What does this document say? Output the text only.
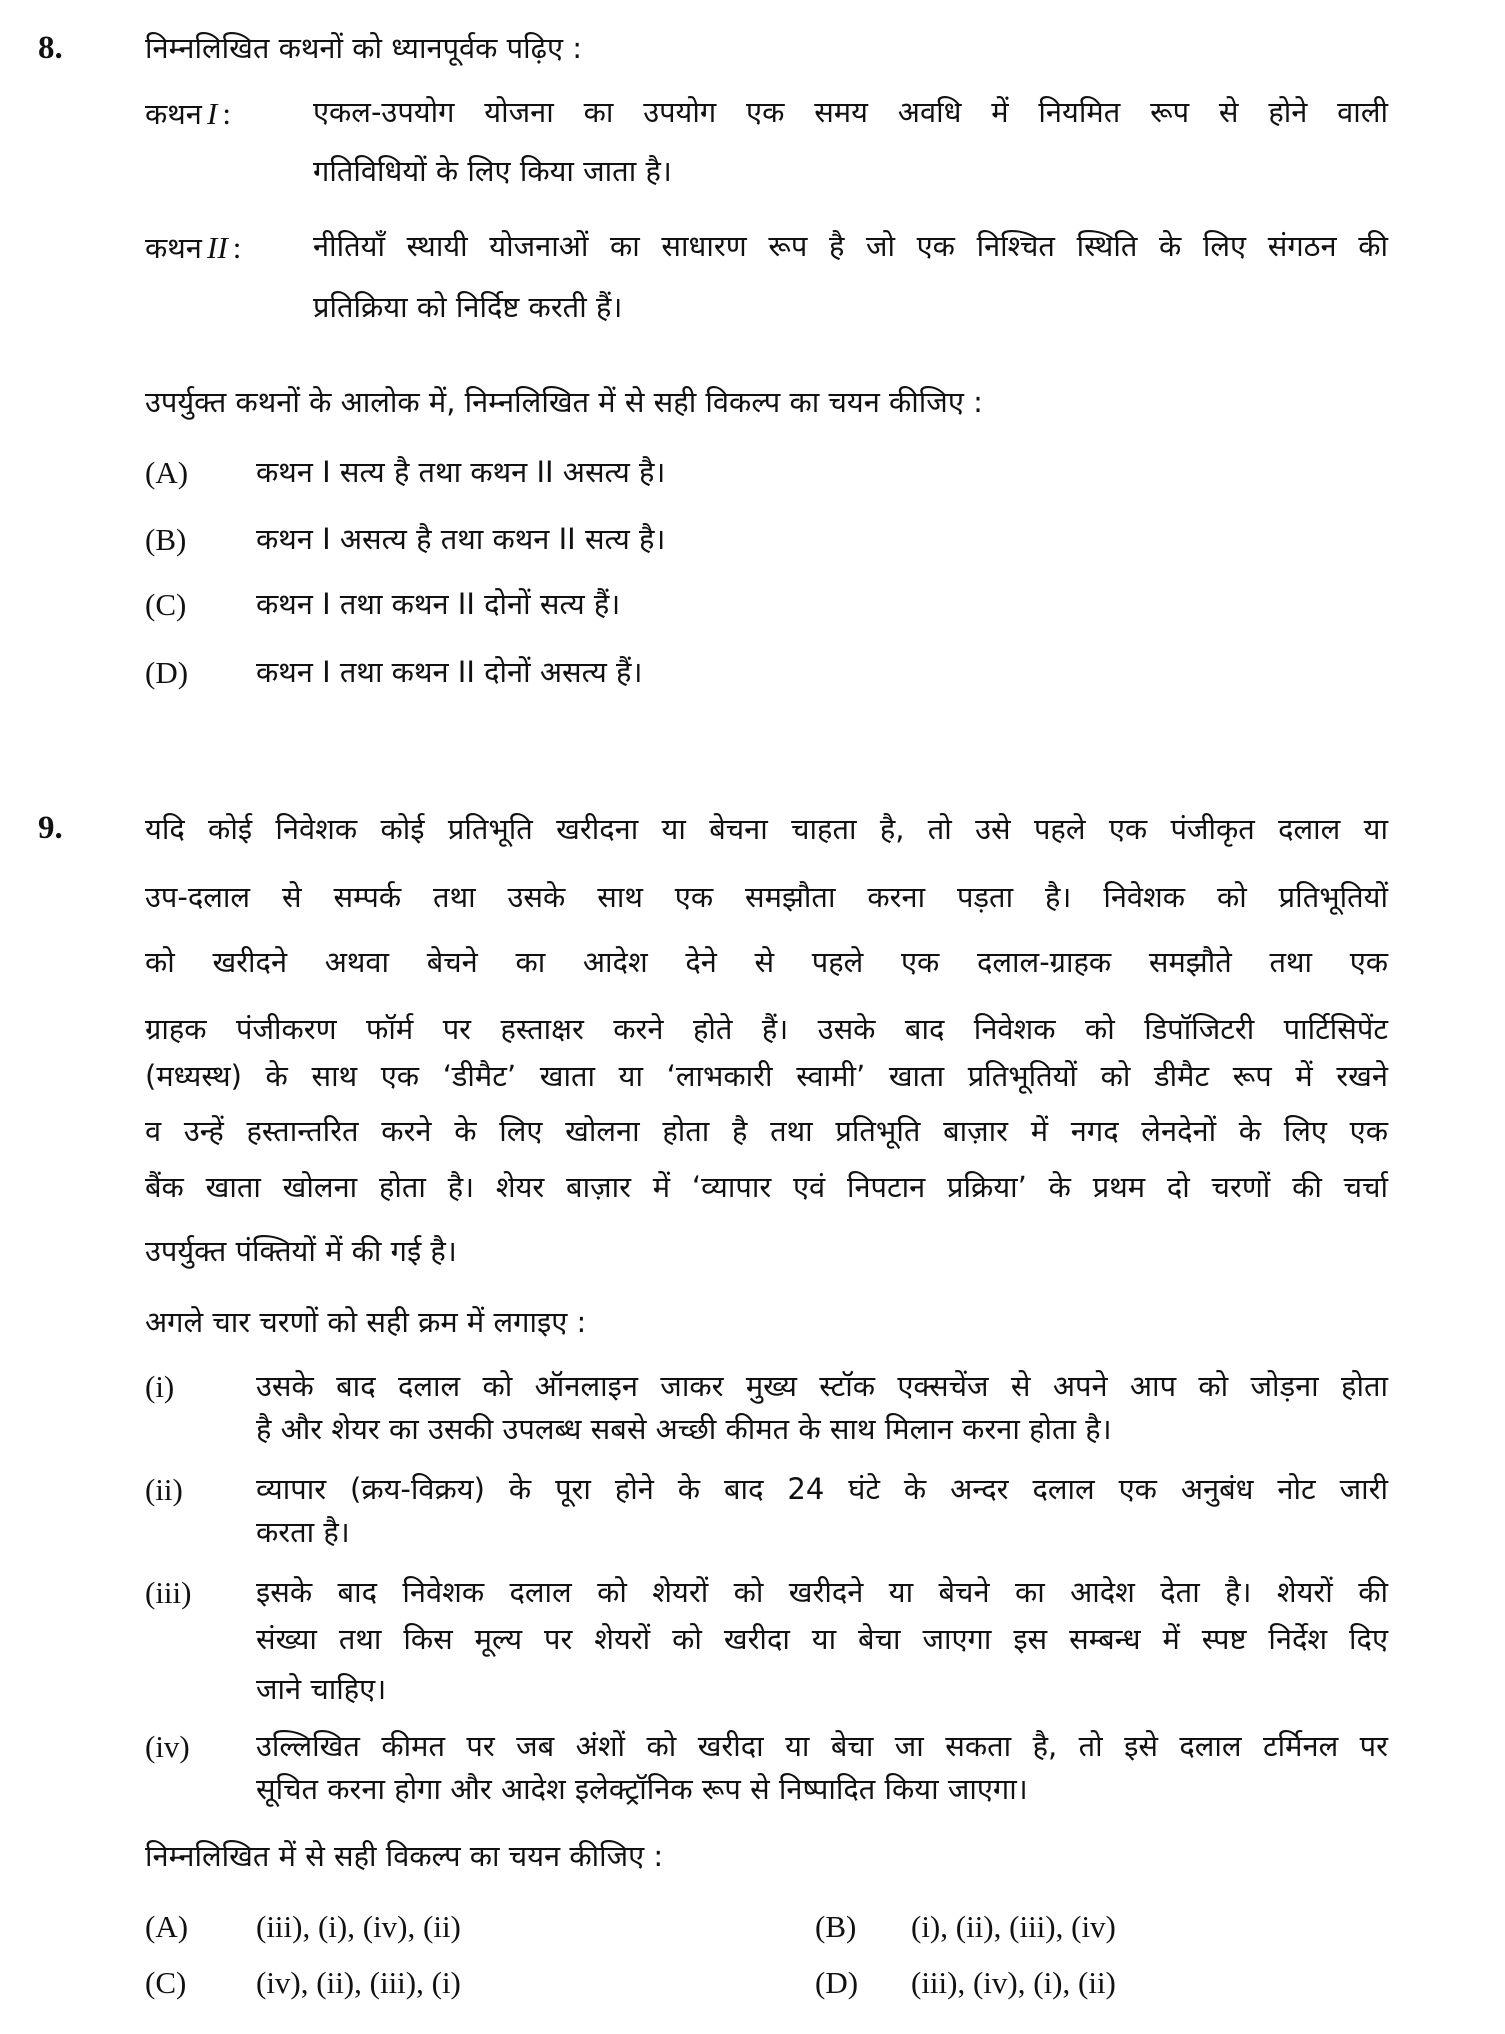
8.	निम्नलिखित कथनों को ध्यानपूर्वक पढ़िए :
कथन I :	एकल-उपयोग योजना का उपयोग एक समय अवधि में नियमित रूप से होने वाली
गतिविधियों के लिए किया जाता है।
कथन II : नीतियाँ स्थायी योजनाओं का साधारण रूप है जो एक निश्चित स्थिति के लिए संगठन की
प्रतिक्रिया को निर्दिष्ट करती हैं।
उपर्युक्त कथनों के आलोक में, निम्नलिखित में से सही विकल्प का चयन कीजिए :
(A) कथन I सत्य है तथा कथन II असत्य है।
(B) कथन I असत्य है तथा कथन II सत्य है।
(C) कथन I तथा कथन II दोनों सत्य हैं।
(D) कथन I तथा कथन II दोनों असत्य हैं।
9.	यदि कोई निवेशक कोई प्रतिभूति खरीदना या बेचना चाहता है, तो उसे पहले एक पंजीकृत दलाल या
उप-दलाल से सम्पर्क तथा उसके साथ एक समझौता करना पड़ता है। निवेशक को प्रतिभूतियों
को खरीदने अथवा बेचने का आदेश देने से पहले एक दलाल-ग्राहक समझौते तथा एक
ग्राहक पंजीकरण फॉर्म पर हस्ताक्षर करने होते हैं। उसके बाद निवेशक को डिपॉजिटरी पार्टिसिपेंट
(मध्यस्थ) के साथ एक ‘डीमैट’ खाता या ‘लाभकारी स्वामी’ खाता प्रतिभूतियों को डीमैट रूप में रखने
व उन्हें हस्तान्तरित करने के लिए खोलना होता है तथा प्रतिभूति बाज़ार में नगद लेनदेनों के लिए एक
बैंक खाता खोलना होता है। शेयर बाज़ार में ‘व्यापार एवं निपटान प्रक्रिया’ के प्रथम दो चरणों की चर्चा
उपर्युक्त पंक्तियों में की गई है।
अगले चार चरणों को सही क्रम में लगाइए :
(i)	उसके बाद दलाल को ऑनलाइन जाकर मुख्य स्टॉक एक्सचेंज से अपने आप को जोड़ना होता
है और शेयर का उसकी उपलब्ध सबसे अच्छी कीमत के साथ मिलान करना होता है।
(ii)	व्यापार (क्रय-विक्रय) के पूरा होने के बाद 24 घंटे के अन्दर दलाल एक अनुबंध नोट जारी
करता है।
(iii) इसके बाद निवेशक दलाल को शेयरों को खरीदने या बेचने का आदेश देता है। शेयरों की
संख्या तथा किस मूल्य पर शेयरों को खरीदा या बेचा जाएगा इस सम्बन्ध में स्पष्ट निर्देश दिए
जाने चाहिए।
(iv) उल्लिखित कीमत पर जब अंशों को खरीदा या बेचा जा सकता है, तो इसे दलाल टर्मिनल पर
सूचित करना होगा और आदेश इलेक्ट्रॉनिक रूप से निष्पादित किया जाएगा।
निम्नलिखित में से सही विकल्प का चयन कीजिए :
(A) (iii), (i), (iv), (ii)	(B) (i), (ii), (iii), (iv)
(C) (iv), (ii), (iii), (i)	(D) (iii), (iv), (i), (ii)
